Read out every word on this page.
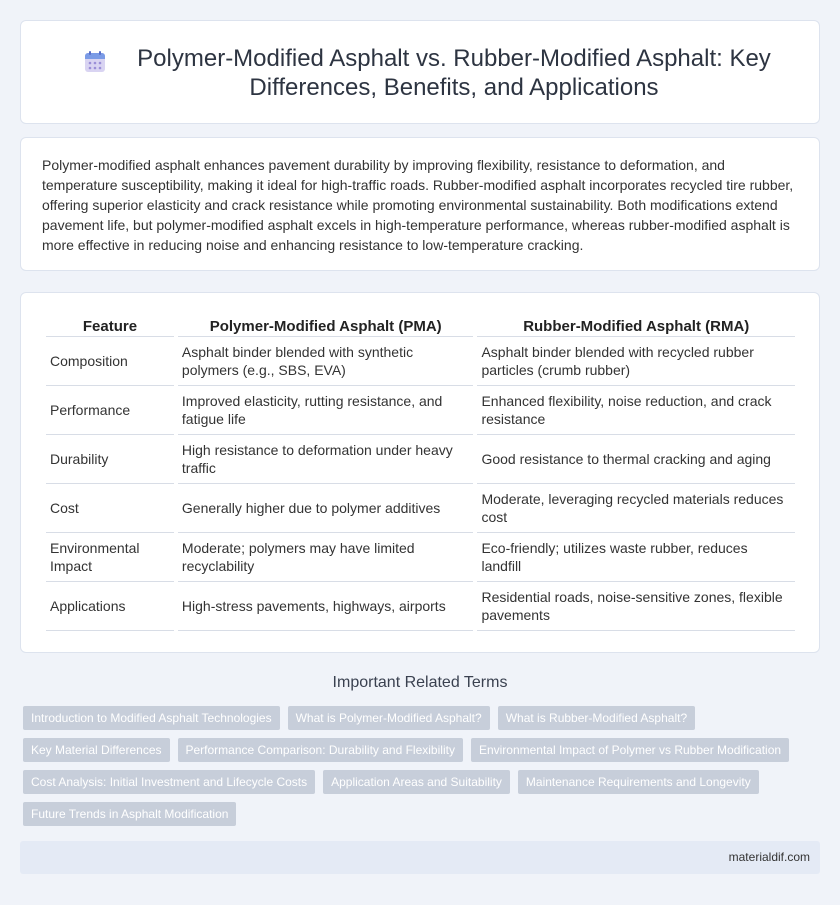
Polymer-Modified Asphalt vs. Rubber-Modified Asphalt: Key Differences, Benefits, and Applications

Polymer-modified asphalt enhances pavement durability by improving flexibility, resistance to deformation, and temperature susceptibility, making it ideal for high-traffic roads. Rubber-modified asphalt incorporates recycled tire rubber, offering superior elasticity and crack resistance while promoting environmental sustainability. Both modifications extend pavement life, but polymer-modified asphalt excels in high-temperature performance, whereas rubber-modified asphalt is more effective in reducing noise and enhancing resistance to low-temperature cracking.

Feature	Polymer-Modified Asphalt (PMA)	Rubber-Modified Asphalt (RMA)
Composition	Asphalt binder blended with synthetic polymers (e.g., SBS, EVA)	Asphalt binder blended with recycled rubber particles (crumb rubber)
Performance	Improved elasticity, rutting resistance, and fatigue life	Enhanced flexibility, noise reduction, and crack resistance
Durability	High resistance to deformation under heavy traffic	Good resistance to thermal cracking and aging
Cost	Generally higher due to polymer additives	Moderate, leveraging recycled materials reduces cost
Environmental Impact	Moderate; polymers may have limited recyclability	Eco-friendly; utilizes waste rubber, reduces landfill
Applications	High-stress pavements, highways, airports	Residential roads, noise-sensitive zones, flexible pavements
Important Related Terms
Introduction to Modified Asphalt Technologies	What is Polymer-Modified Asphalt?	What is Rubber-Modified Asphalt?
Key Material Differences	Performance Comparison: Durability and Flexibility	Environmental Impact of Polymer vs Rubber Modification
Cost Analysis: Initial Investment and Lifecycle Costs	Application Areas and Suitability	Maintenance Requirements and Longevity
Future Trends in Asphalt Modification
materialdif.com
